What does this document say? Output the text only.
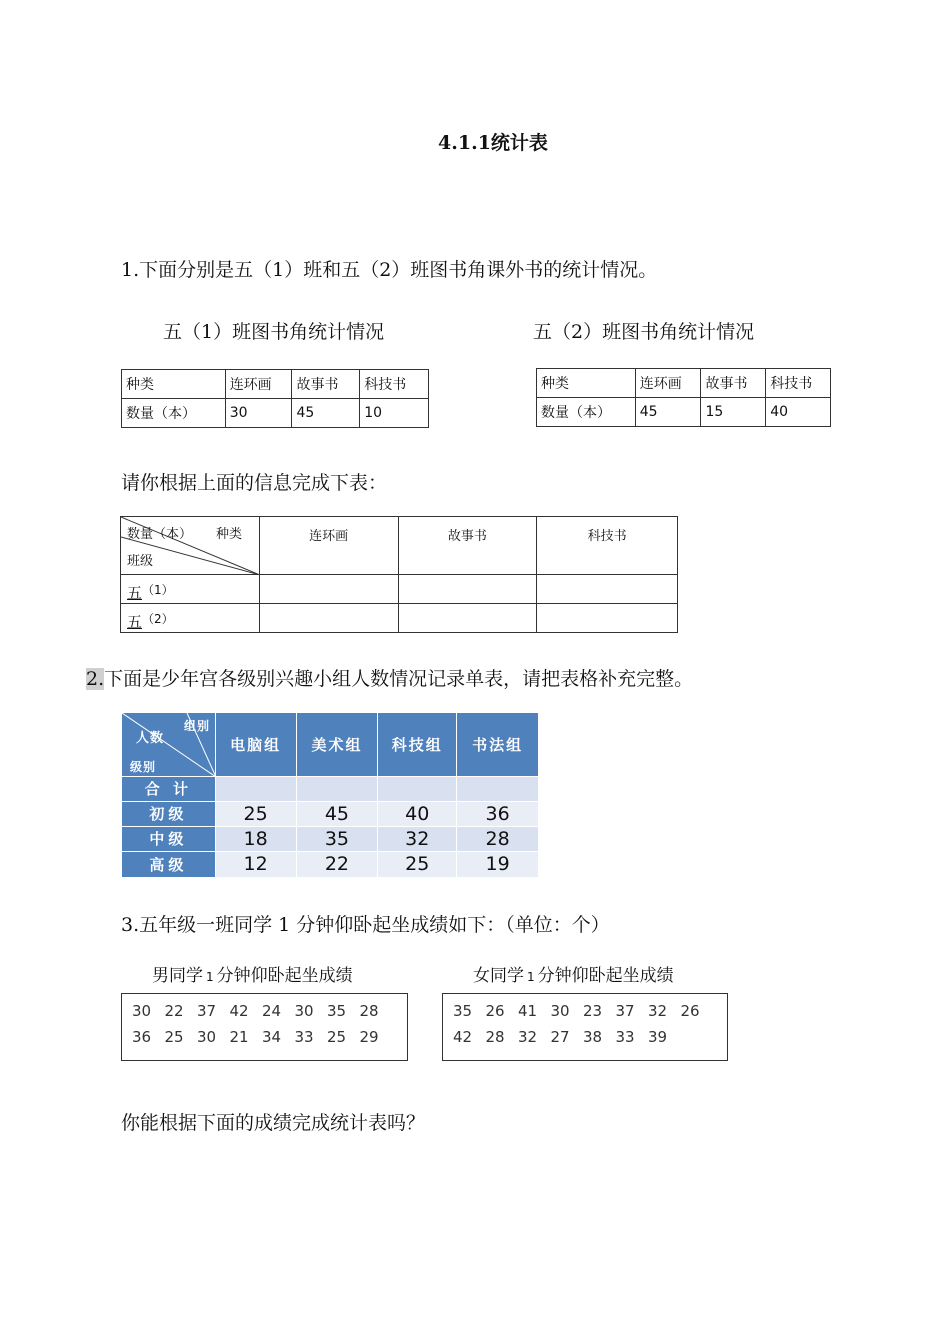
4.1.1统计表
1.下面分别是五（1）班和五（2）班图书角课外书的统计情况。
五（1）班图书角统计情况	五（2）班图书角统计情况
种类	连环画	故事书	科技书
数量（本）	30	45	10
种类	连环画	故事书	科技书
数量（本）	45	15	40
请你根据上面的信息完成下表：
数量（本） 种类
班级	连环画	故事书	科技书
五（1）			
五（2）			
2.下面是少年宫各级别兴趣小组人数情况记录单表，请把表格补充完整。
组别
人数
级别	电脑组	美术组	科技组	书法组
合 计				
初级	25	45	40	36
中级	18	35	32	28
高级	12	22	25	19
3.五年级一班同学 1 分钟仰卧起坐成绩如下：（单位：个）
男同学 1 分钟仰卧起坐成绩	女同学 1 分钟仰卧起坐成绩
30 22 37 42 24 30 35 28
36 25 30 21 34 33 25 29
35 26 41 30 23 37 32 26
42 28 32 27 38 33 39
你能根据下面的成绩完成统计表吗？
